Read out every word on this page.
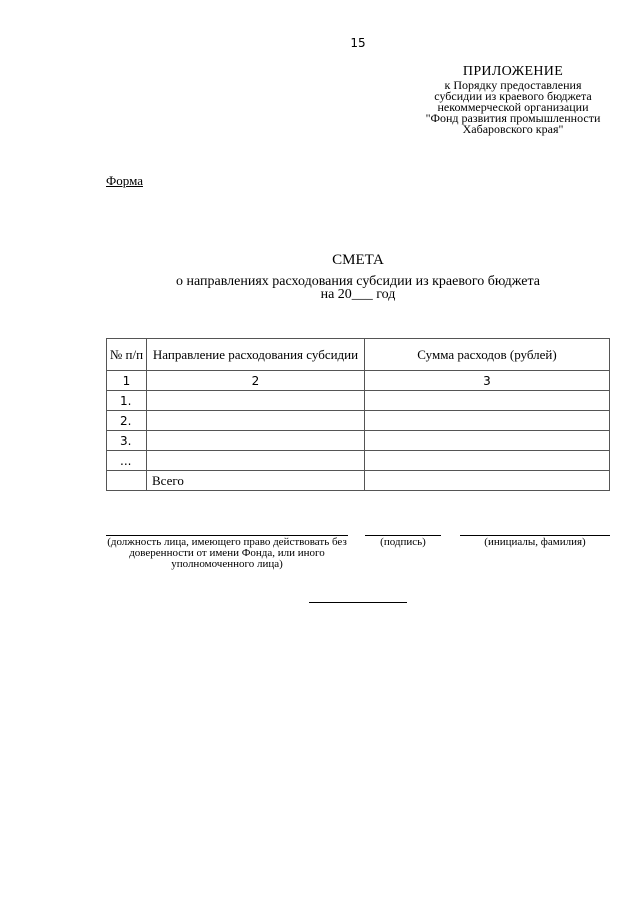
15
ПРИЛОЖЕНИЕ
к Порядку предоставления
субсидии из краевого бюджета
некоммерческой организации
"Фонд развития промышленности
Хабаровского края"
Форма
СМЕТА
о направлениях расходования субсидии из краевого бюджета
на 20___ год
№ п/п	Направление расходования субсидии	Сумма расходов (рублей)
1	2	3
1.		
2.		
3.		
...		
	Всего	
(должность лица, имеющего право действовать без доверенности от имени Фонда, или иного уполномоченного лица)
(подпись)	(инициалы, фамилия)
